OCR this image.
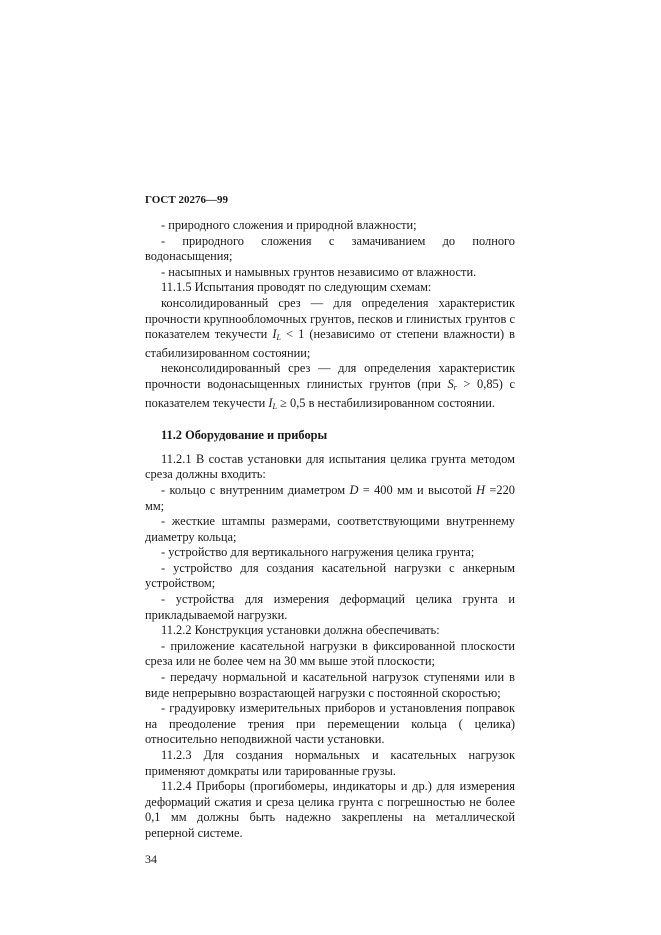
ГОСТ 20276—99

- природного сложения и природной влажности;

- природного сложения с замачиванием до полного водонасыщения;

- насыпных и намывных грунтов независимо от влажности.

11.1.5 Испытания проводят по следующим схемам:

консолидированный срез — для определения характеристик прочности крупнообломочных грунтов, песков и глинистых грунтов с показателем текучести $I_L < 1$ (независимо от степени влажности) в стабилизированном состоянии;

неконсолидированный срез — для определения характеристик прочности водонасыщенных глинистых грунтов (при $S_r > 0,85$) с показателем текучести $I_L \ge 0,5$ в нестабилизированном состоянии.

11.2 Оборудование и приборы

11.2.1 В состав установки для испытания целика грунта методом среза должны входить:

- кольцо с внутренним диаметром D = 400 мм и высотой H =220 мм;

- жесткие штампы размерами, соответствующими внутреннему диаметру кольца;

- устройство для вертикального нагружения целика грунта;

- устройство для создания касательной нагрузки с анкерным устройством;

- устройства для измерения деформаций целика грунта и прикладываемой нагрузки.

11.2.2 Конструкция установки должна обеспечивать:

- приложение касательной нагрузки в фиксированной плоскости среза или не более чем на 30 мм выше этой плоскости;

- передачу нормальной и касательной нагрузок ступенями или в виде непрерывно возрастающей нагрузки с постоянной скоростью;

- градуировку измерительных приборов и установления поправок на преодоление трения при перемещении кольца ( целика) относительно неподвижной части установки.

11.2.3 Для создания нормальных и касательных нагрузок применяют домкраты или тарированные грузы.

11.2.4 Приборы (прогибомеры, индикаторы и др.) для измерения деформаций сжатия и среза целика грунта с погрешностью не более 0,1 мм должны быть надежно закреплены на металлической реперной системе.

34
